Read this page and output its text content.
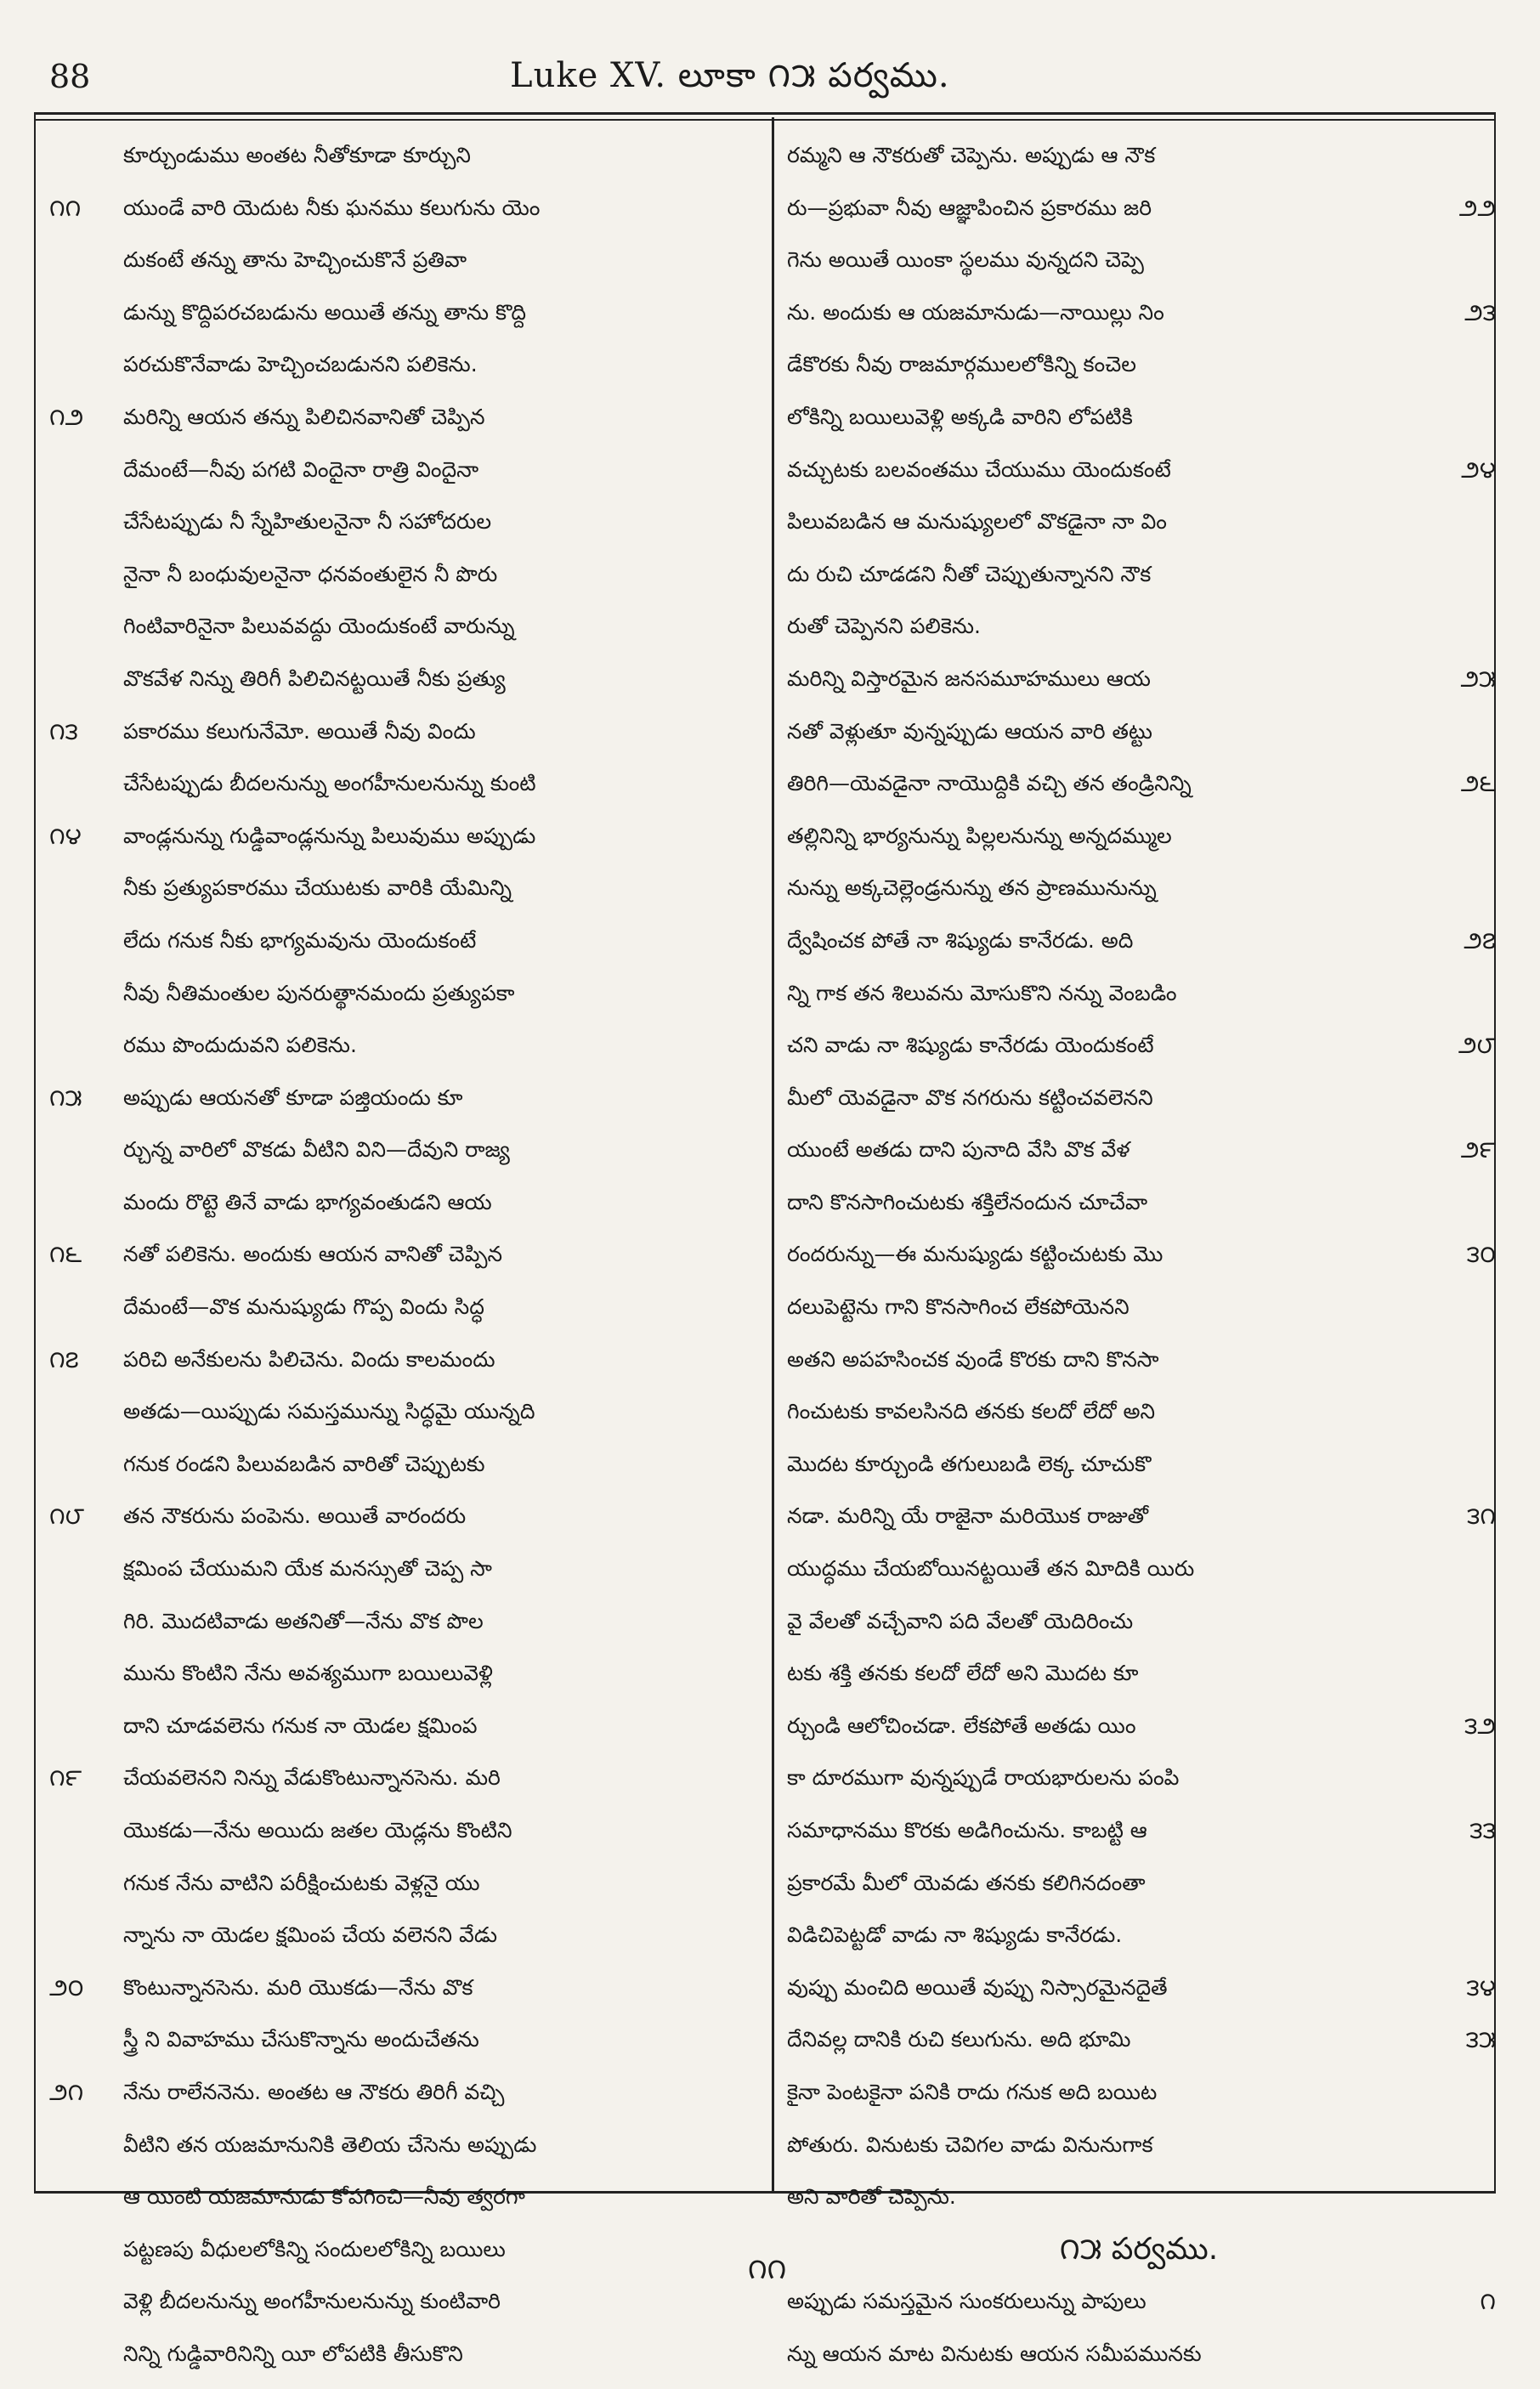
88	Luke XV. లూకా ౧౫ పర్వము.
కూర్చుండుము అంతట నీతోకూడా కూర్చుని
యుండే వారి యెదుట నీకు ఘనము కలుగును యెం
౧౧
దుకంటే తన్ను తాను హెచ్చించుకొనే ప్రతివా
డున్ను కొద్దిపరచబడును అయితే తన్ను తాను కొద్ది
పరచుకొనేవాడు హెచ్చించబడునని పలికెను.
మరిన్ని ఆయన తన్ను పిలిచినవానితో చెప్పిన
౧౨
దేమంటే—నీవు పగటి విందైనా రాత్రి విందైనా
చేసేటప్పుడు నీ స్నేహితులనైనా నీ సహోదరుల
నైనా నీ బంధువులనైనా ధనవంతులైన నీ పొరు
గింటివారినైనా పిలువవద్దు యెందుకంటే వారున్ను
వొకవేళ నిన్ను తిరిగీ పిలిచినట్టయితే నీకు ప్రత్యు
పకారము కలుగునేమో. అయితే నీవు విందు
౧౩
చేసేటప్పుడు బీదలనున్ను అంగహీనులనున్ను కుంటి
వాండ్లనున్ను గుడ్డివాండ్లనున్ను పిలువుము అప్పుడు
౧౪
నీకు ప్రత్యుపకారము చేయుటకు వారికి యేమిన్ని
లేదు గనుక నీకు భాగ్యమవును యెందుకంటే
నీవు నీతిమంతుల పునరుత్థానమందు ప్రత్యుపకా
రము పొందుదువని పలికెను.
అప్పుడు ఆయనతో కూడా పజ్తియందు కూ
౧౫
ర్చున్న వారిలో వొకడు వీటిని విని—దేవుని రాజ్య
మందు రొట్టె తినే వాడు భాగ్యవంతుడని ఆయ
నతో పలికెను. అందుకు ఆయన వానితో చెప్పిన
౧౬
దేమంటే—వొక మనుష్యుడు గొప్ప విందు సిద్ధ
పరిచి అనేకులను పిలిచెను. విందు కాలమందు
౧౭
అతడు—యిప్పుడు సమస్తమున్ను సిద్ధమై యున్నది
గనుక రండని పిలువబడిన వారితో చెప్పుటకు
తన నౌకరును పంపెను. అయితే వారందరు
౧౮
క్షమింప చేయుమని యేక మనస్సుతో చెప్ప సా
గిరి. మొదటివాడు అతనితో—నేను వొక పొల
మును కొంటిని నేను అవశ్యముగా బయిలువెళ్లి
దాని చూడవలెను గనుక నా యెడల క్షమింప
చేయవలెనని నిన్ను వేడుకొంటున్నానసెను. మరి
౧౯
యొకడు—నేను అయిదు జతల యెడ్లను కొంటిని
గనుక నేను వాటిని పరీక్షించుటకు వెళ్లనై యు
న్నాను నా యెడల క్షమింప చేయ వలెనని వేడు
కొంటున్నానసెను. మరి యొకడు—నేను వొక
౨౦
స్త్రీ ని వివాహము చేసుకొన్నాను అందుచేతను
నేను రాలేననెను. అంతట ఆ నౌకరు తిరిగీ వచ్చి
౨౧
వీటిని తన యజమానునికి తెలియ చేసెను అప్పుడు
ఆ యింటి యజమానుడు కోపగించి—నీవు త్వరగా
పట్టణపు వీధులలోకిన్ని సందులలోకిన్ని బయిలు
వెళ్లి బీదలనున్ను అంగహీనులనున్ను కుంటివారి
నిన్ని గుడ్డివారినిన్ని యీ లోపటికి తీసుకొని
రమ్మని ఆ నౌకరుతో చెప్పెను. అప్పుడు ఆ నౌక
రు—ప్రభువా నీవు ఆజ్ఞాపించిన ప్రకారము జరి	౨౨
గెను అయితే యింకా స్థలము వున్నదని చెప్పె
ను. అందుకు ఆ యజమానుడు—నాయిల్లు నిం	౨౩
డేకొరకు నీవు రాజమార్గములలోకిన్ని కంచెల
లోకిన్ని బయిలువెళ్లి అక్కడి వారిని లోపటికి
వచ్చుటకు బలవంతము చేయుము యెందుకంటే	౨౪
పిలువబడిన ఆ మనుష్యులలో వొకడైనా నా విం
దు రుచి చూడడని నీతో చెప్పుతున్నానని నౌక
రుతో చెప్పెనని పలికెను.
మరిన్ని విస్తారమైన జనసమూహములు ఆయ	౨౫
నతో వెళ్లుతూ వున్నప్పుడు ఆయన వారి తట్టు
తిరిగి—యెవడైనా నాయొద్దికి వచ్చి తన తండ్రినిన్ని	౨౬
తల్లినిన్ని భార్యనున్ను పిల్లలనున్ను అన్నదమ్ముల
నున్ను అక్కచెల్లెండ్రనున్ను తన ప్రాణమునున్ను
ద్వేషించక పోతే నా శిష్యుడు కానేరడు. అది	౨౭
న్ని గాక తన శిలువను మోసుకొని నన్ను వెంబడిం
చని వాడు నా శిష్యుడు కానేరడు యెందుకంటే	౨౮
మీలో యెవడైనా వొక నగరును కట్టించవలెనని
యుంటే అతడు దాని పునాది వేసి వొక వేళ	౨౯
దాని కొనసాగించుటకు శక్తిలేనందున చూచేవా
రందరున్ను—ఈ మనుష్యుడు కట్టించుటకు మొ	౩౦
దలుపెట్టెను గాని కొనసాగించ లేకపోయెనని
అతని అపహసించక వుండే కొరకు దాని కొనసా
గించుటకు కావలసినది తనకు కలదో లేదో అని
మొదట కూర్చుండి తగులుబడి లెక్క చూచుకొ
నడా. మరిన్ని యే రాజైనా మరియొక రాజుతో	౩౧
యుద్ధము చేయబోయినట్టయితే తన విూదికి యిరు
వై వేలతో వచ్చేవాని పది వేలతో యెదిరించు
టకు శక్తి తనకు కలదో లేదో అని మొదట కూ
ర్చుండి ఆలోచించడా. లేకపోతే అతడు యిం	౩౨
కా దూరముగా వున్నప్పుడే రాయభారులను పంపి
సమాధానము కొరకు అడిగించును. కాబట్టి ఆ	౩౩
ప్రకారమే మీలో యెవడు తనకు కలిగినదంతా
విడిచిపెట్టడో వాడు నా శిష్యుడు కానేరడు.
వుప్పు మంచిది అయితే వుప్పు నిస్సారమైనదైతే	౩౪
దేనివల్ల దానికి రుచి కలుగును. అది భూమి	౩౫
కైనా పెంటకైనా పనికి రాదు గనుక అది బయిట
పోతురు. వినుటకు చెవిగల వాడు వినునుగాక
అని వారితో చెప్పెను.
౧౫ పర్వము.
అప్పుడు సమస్తమైన సుంకరులున్ను పాపులు	౧
న్ను ఆయన మాట వినుటకు ఆయన సమీపమునకు
౧౧
